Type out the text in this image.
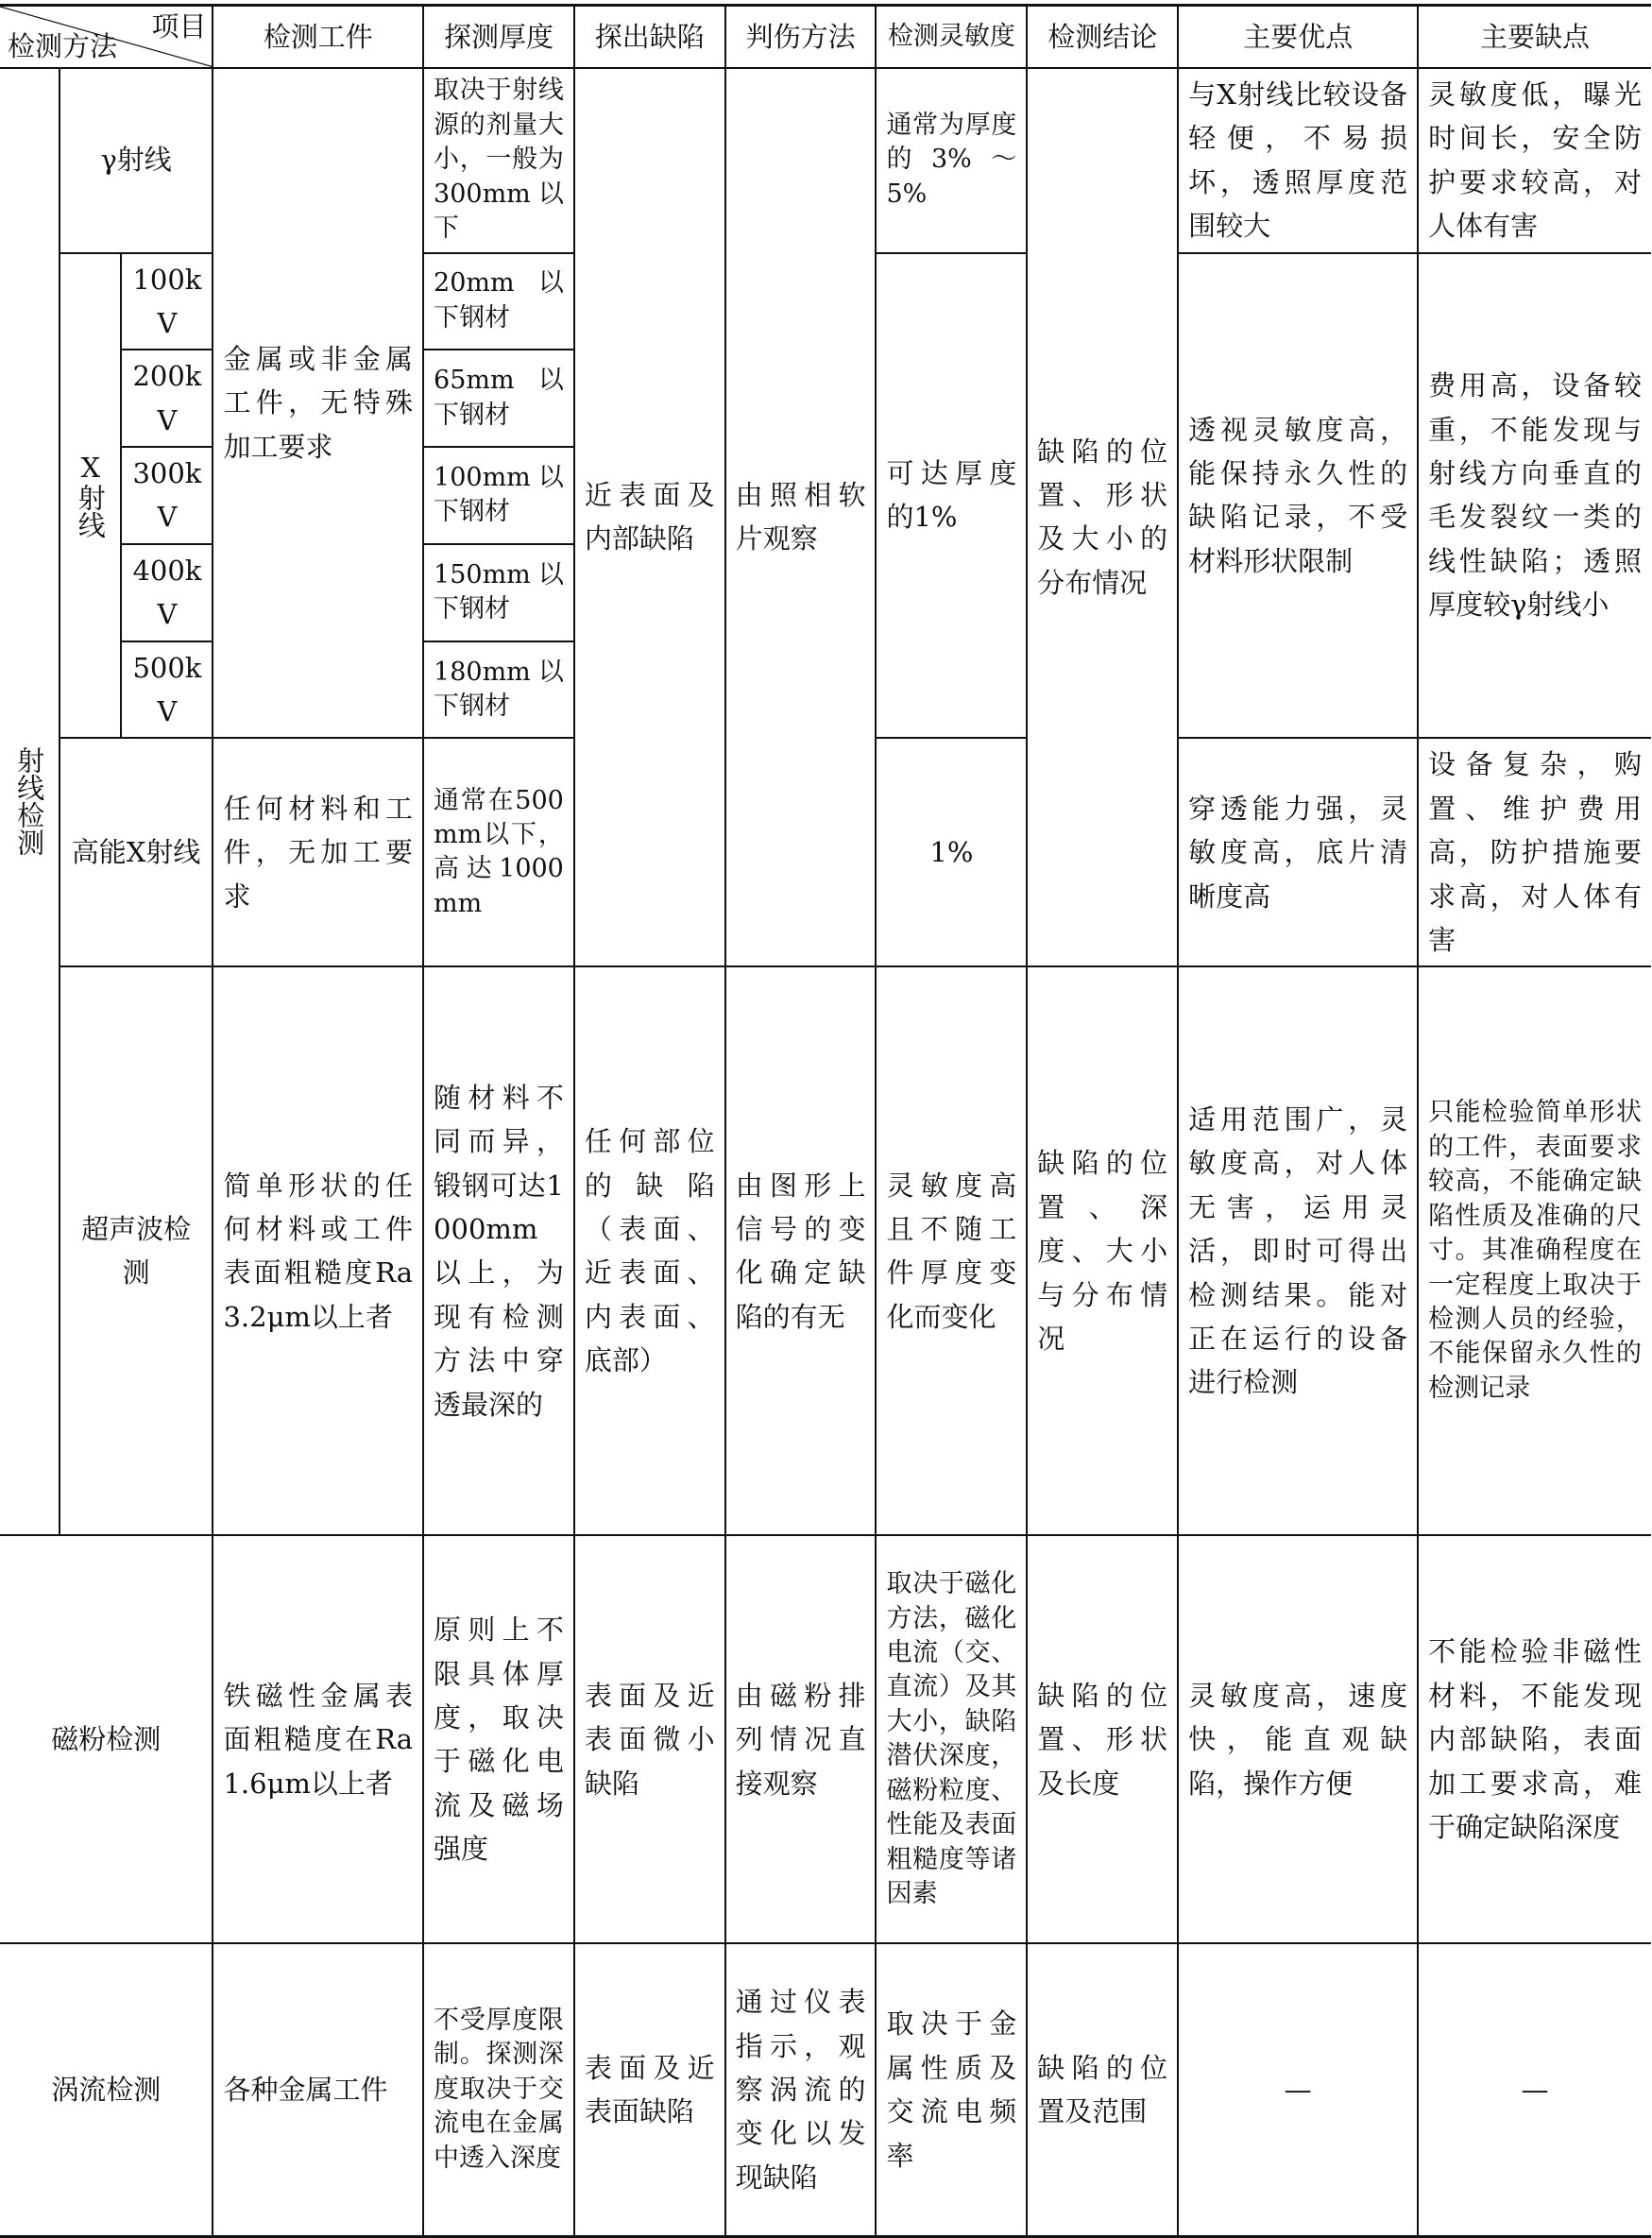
项目
检测方法			检测工件	探测厚度	探出缺陷	判伤方法	检测灵敏度	检测结论	主要优点	主要缺点
射线检测	γ射线		金属或非金属工件，无特殊加工要求	取决于射线源的剂量大小，一般为300mm以下	近表面及内部缺陷	由照相软片观察	通常为厚度的3%～5%	缺陷的位置、形状及大小的分布情况	与X射线比较设备轻便，不易损坏，透照厚度范围较大	灵敏度低，曝光时间长，安全防护要求较高，对人体有害
	X射线	100kV		20mm以下钢材			可达厚度的1%		透视灵敏度高，能保持永久性的缺陷记录，不受材料形状限制	费用高，设备较重，不能发现与射线方向垂直的毛发裂纹一类的线性缺陷；透照厚度较γ射线小
		200kV		65mm以下钢材						
		300kV		100mm以下钢材						
		400kV		150mm以下钢材						
		500kV		180mm以下钢材						
	高能X射线		任何材料和工件，无加工要求	通常在500mm以下，高达1000mm			1%		穿透能力强，灵敏度高，底片清晰度高	设备复杂，购置、维护费用高，防护措施要求高，对人体有害
	超声波检测		简单形状的任何材料或工件表面粗糙度Ra3.2μm以上者	随材料不同而异，锻钢可达1000mm以上，为现有检测方法中穿透最深的	任何部位的缺陷（表面、近表面、内表面、底部）	由图形上信号的变化确定缺陷的有无	灵敏度高且不随工件厚度变化而变化	缺陷的位置、深度、大小与分布情况	适用范围广，灵敏度高，对人体无害，运用灵活，即时可得出检测结果。能对正在运行的设备进行检测	只能检验简单形状的工件，表面要求较高，不能确定缺陷性质及准确的尺寸。其准确程度在一定程度上取决于检测人员的经验，不能保留永久性的检测记录
磁粉检测			铁磁性金属表面粗糙度在Ra1.6μm以上者	原则上不限具体厚度，取决于磁化电流及磁场强度	表面及近表面微小缺陷	由磁粉排列情况直接观察	取决于磁化方法，磁化电流（交、直流）及其大小，缺陷潜伏深度，磁粉粒度、性能及表面粗糙度等诸因素	缺陷的位置、形状及长度	灵敏度高，速度快，能直观缺陷，操作方便	不能检验非磁性材料，不能发现内部缺陷，表面加工要求高，难于确定缺陷深度
涡流检测			各种金属工件	不受厚度限制。探测深度取决于交流电在金属中透入深度	表面及近表面缺陷	通过仪表指示，观察涡流的变化以发现缺陷	取决于金属性质及交流电频率	缺陷的位置及范围	—	—
